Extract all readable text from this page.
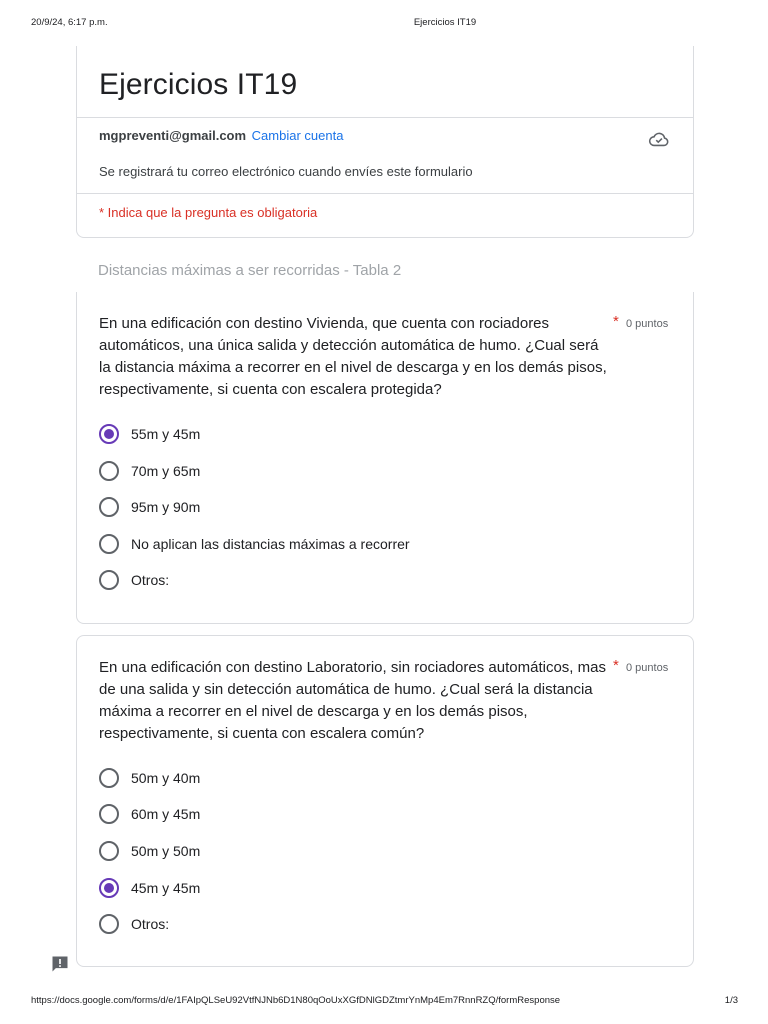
20/9/24, 6:17 p.m.	Ejercicios IT19
Ejercicios IT19
mgpreventi@gmail.com Cambiar cuenta
Se registrará tu correo electrónico cuando envíes este formulario
* Indica que la pregunta es obligatoria
Distancias máximas a ser recorridas - Tabla 2
En una edificación con destino Vivienda, que cuenta con rociadores automáticos, una única salida y detección automática de humo. ¿Cual será la distancia máxima a recorrer en el nivel de descarga y en los demás pisos, respectivamente, si cuenta con escalera protegida?
* 0 puntos
55m y 45m
70m y 65m
95m y 90m
No aplican las distancias máximas a recorrer
Otros:
En una edificación con destino Laboratorio, sin rociadores automáticos, mas de una salida y sin detección automática de humo. ¿Cual será la distancia máxima a recorrer en el nivel de descarga y en los demás pisos, respectivamente, si cuenta con escalera común?
* 0 puntos
50m y 40m
60m y 45m
50m y 50m
45m y 45m
Otros:
https://docs.google.com/forms/d/e/1FAIpQLSeU92VtfNJNb6D1N80qOoUxXGfDNlGDZtmrYnMp4Em7RnnRZQ/formResponse	1/3
